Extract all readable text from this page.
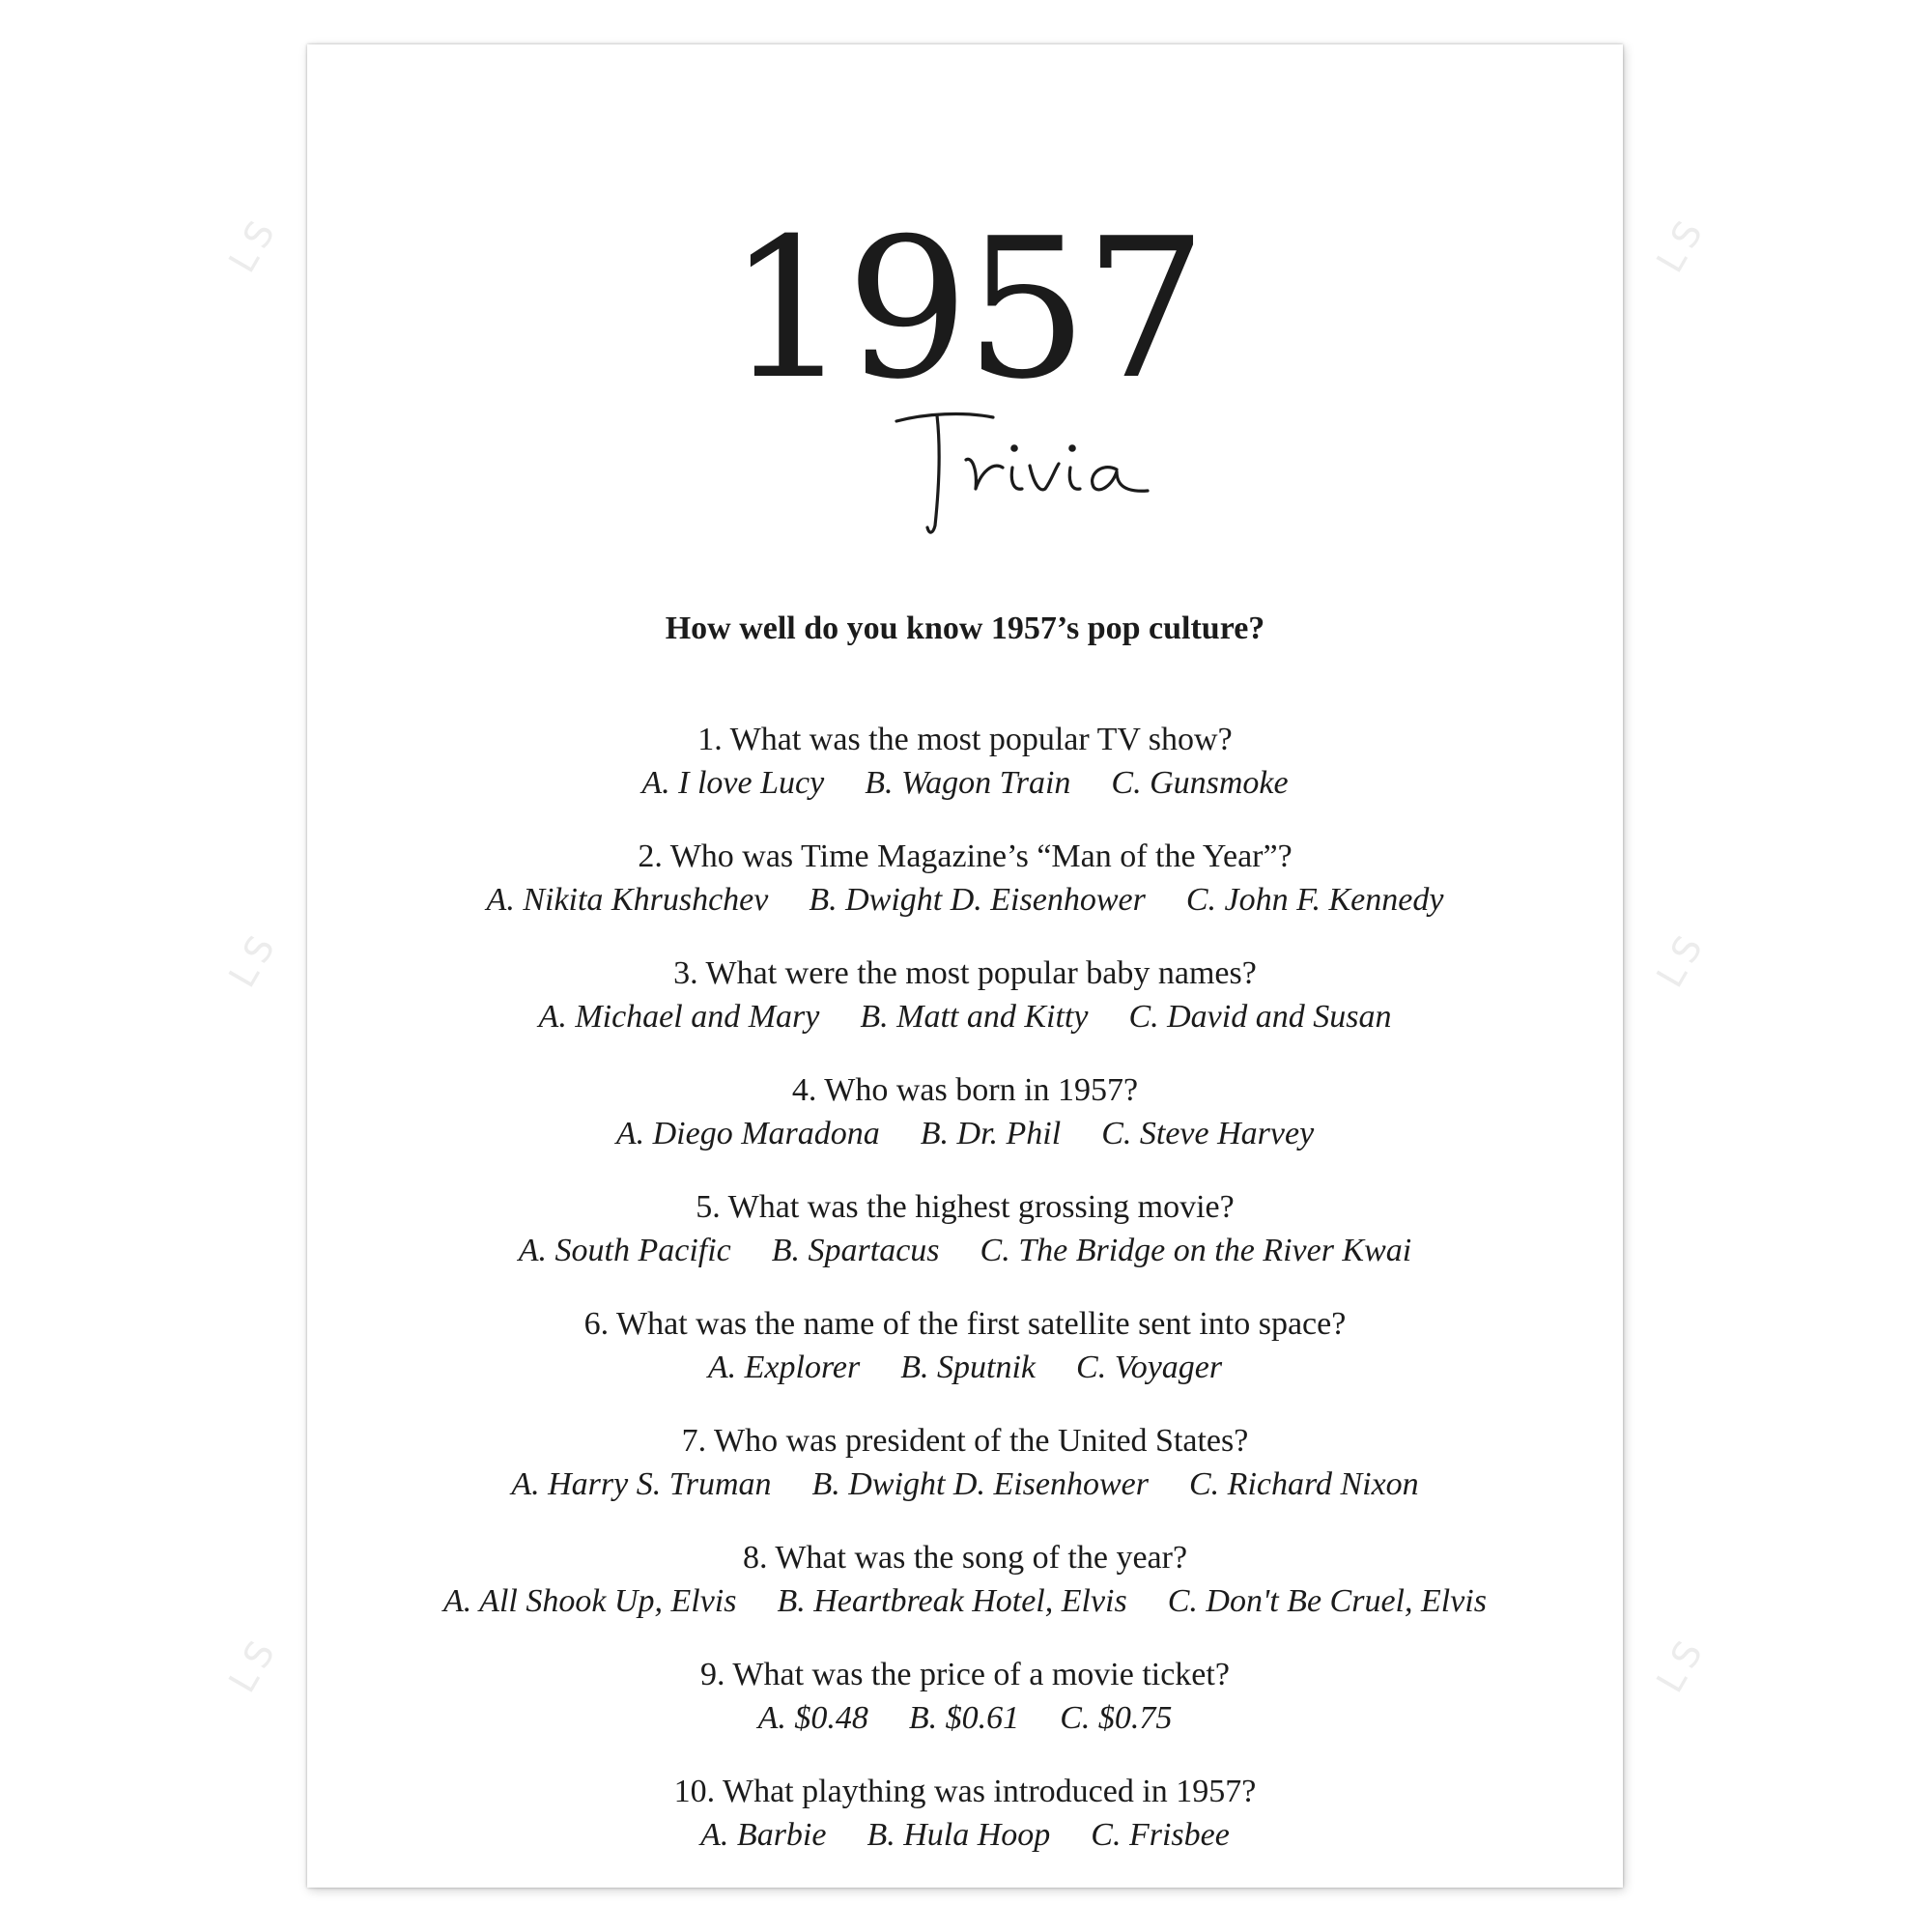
LS
LS
LS
LS
LS
LS
1957
How well do you know 1957’s pop culture?
1. What was the most popular TV show?
A. I love Lucy B. Wagon Train C. Gunsmoke
2. Who was Time Magazine’s “Man of the Year”?
A. Nikita Khrushchev B. Dwight D. Eisenhower C. John F. Kennedy
3. What were the most popular baby names?
A. Michael and Mary B. Matt and Kitty C. David and Susan
4. Who was born in 1957?
A. Diego Maradona B. Dr. Phil C. Steve Harvey
5. What was the highest grossing movie?
A. South Pacific B. Spartacus C. The Bridge on the River Kwai
6. What was the name of the first satellite sent into space?
A. Explorer B. Sputnik C. Voyager
7. Who was president of the United States?
A. Harry S. Truman B. Dwight D. Eisenhower C. Richard Nixon
8. What was the song of the year?
A. All Shook Up, Elvis B. Heartbreak Hotel, Elvis C. Don't Be Cruel, Elvis
9. What was the price of a movie ticket?
A. $0.48 B. $0.61 C. $0.75
10. What plaything was introduced in 1957?
A. Barbie B. Hula Hoop C. Frisbee
